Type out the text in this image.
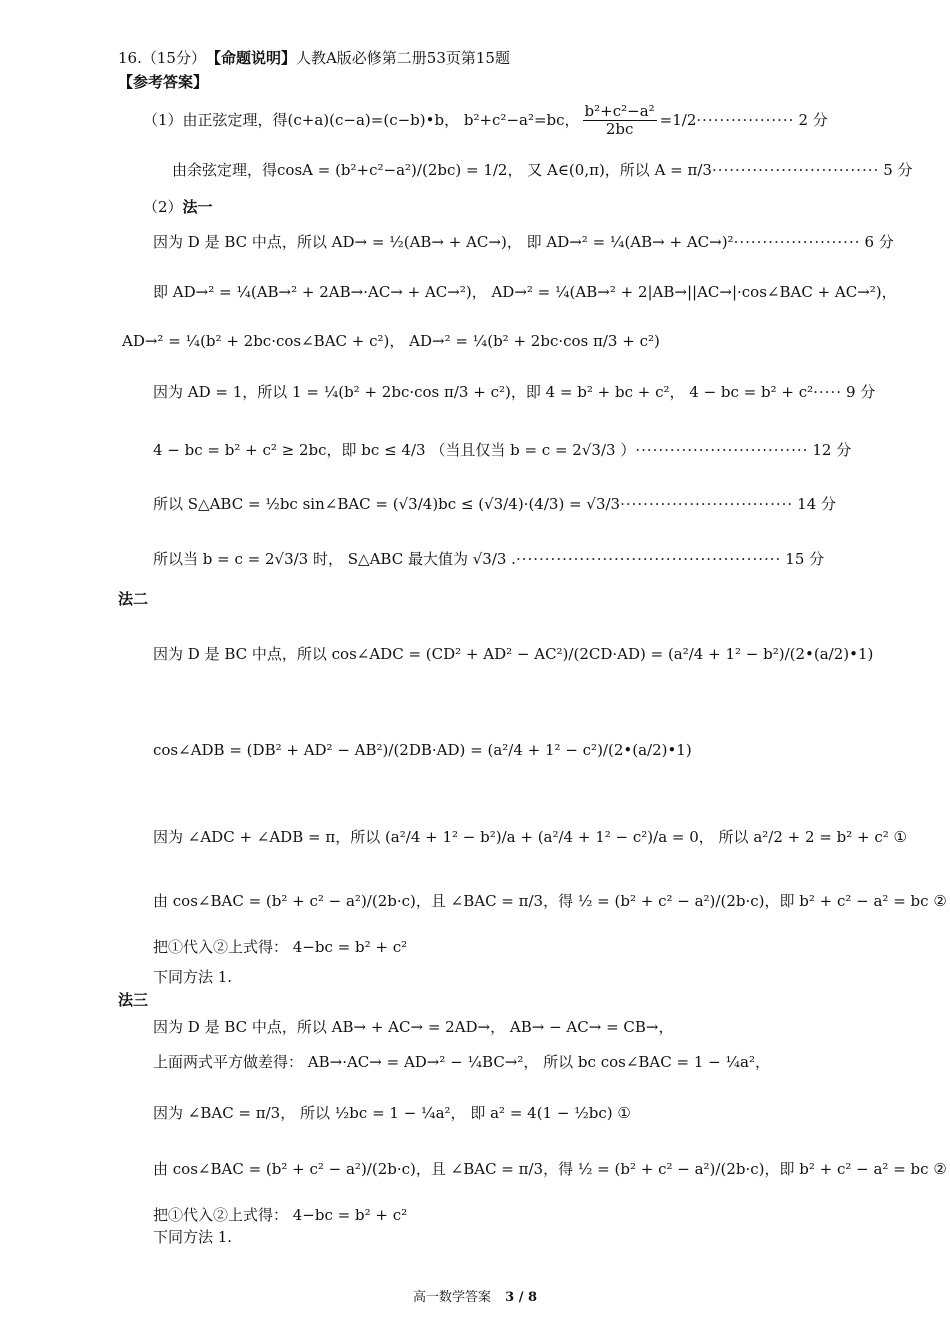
16.（15分） 【命题说明】 人教A版必修第二册53页第15题
【参考答案】
（1）由正弦定理，得 (c+a)(c−a)=(c−b)•b， b²+c²−a²=bc， $\frac{\text{b²+c²−a²}}{2bc} =1/2$ ················· 2 分
由余弦定理，得 cosA = (b²+c²−a²)/(2bc) = 1/2， 又 A∈(0,π)，所以 A = π/3 ····························· 5 分
（2） 法一
因为 D 是 BC 中点，所以 AD→ = ½(AB→ + AC→)， 即 AD→² = ¼(AB→ + AC→)² ······················ 6 分
即 AD→² = ¼(AB→² + 2AB→·AC→ + AC→²)， AD→² = ¼(AB→² + 2|AB→||AC→|·cos∠BAC + AC→²)，
AD→² = ¼(b² + 2bc·cos∠BAC + c²)， AD→² = ¼(b² + 2bc·cos π/3 + c²)
因为 AD = 1，所以 1 = ¼(b² + 2bc·cos π/3 + c²)，即 4 = b² + bc + c²， 4 − bc = b² + c² ····· 9 分
4 − bc = b² + c² ≥ 2bc，即 bc ≤ 4/3 （当且仅当 b = c = 2√3/3 ） ······························ 12 分
所以 S△ABC = ½bc sin∠BAC = (√3/4)bc ≤ (√3/4)·(4/3) = √3/3 ······························ 14 分
所以当 b = c = 2√3/3 时， S△ABC 最大值为 √3/3 . ·············································· 15 分
法二
因为 D 是 BC 中点，所以 cos∠ADC = (CD² + AD² − AC²)/(2CD·AD) = (a²/4 + 1² − b²)/(2•(a/2)•1)
cos∠ADB = (DB² + AD² − AB²)/(2DB·AD) = (a²/4 + 1² − c²)/(2•(a/2)•1)
因为 ∠ADC + ∠ADB = π，所以 (a²/4 + 1² − b²)/a + (a²/4 + 1² − c²)/a = 0， 所以 a²/2 + 2 = b² + c² ①
由 cos∠BAC = (b² + c² − a²)/(2b·c)，且 ∠BAC = π/3，得 ½ = (b² + c² − a²)/(2b·c)，即 b² + c² − a² = bc ②
把①代入②上式得： 4−bc = b² + c²
下同方法 1.
法三
因为 D 是 BC 中点，所以 AB→ + AC→ = 2AD→， AB→ − AC→ = CB→，
上面两式平方做差得： AB→·AC→ = AD→² − ¼BC→²， 所以 bc cos∠BAC = 1 − ¼a²，
因为 ∠BAC = π/3， 所以 ½bc = 1 − ¼a²， 即 a² = 4(1 − ½bc) ①
由 cos∠BAC = (b² + c² − a²)/(2b·c)，且 ∠BAC = π/3，得 ½ = (b² + c² − a²)/(2b·c)，即 b² + c² − a² = bc ②
把①代入②上式得： 4−bc = b² + c²
下同方法 1.
高一数学答案 3 / 8
